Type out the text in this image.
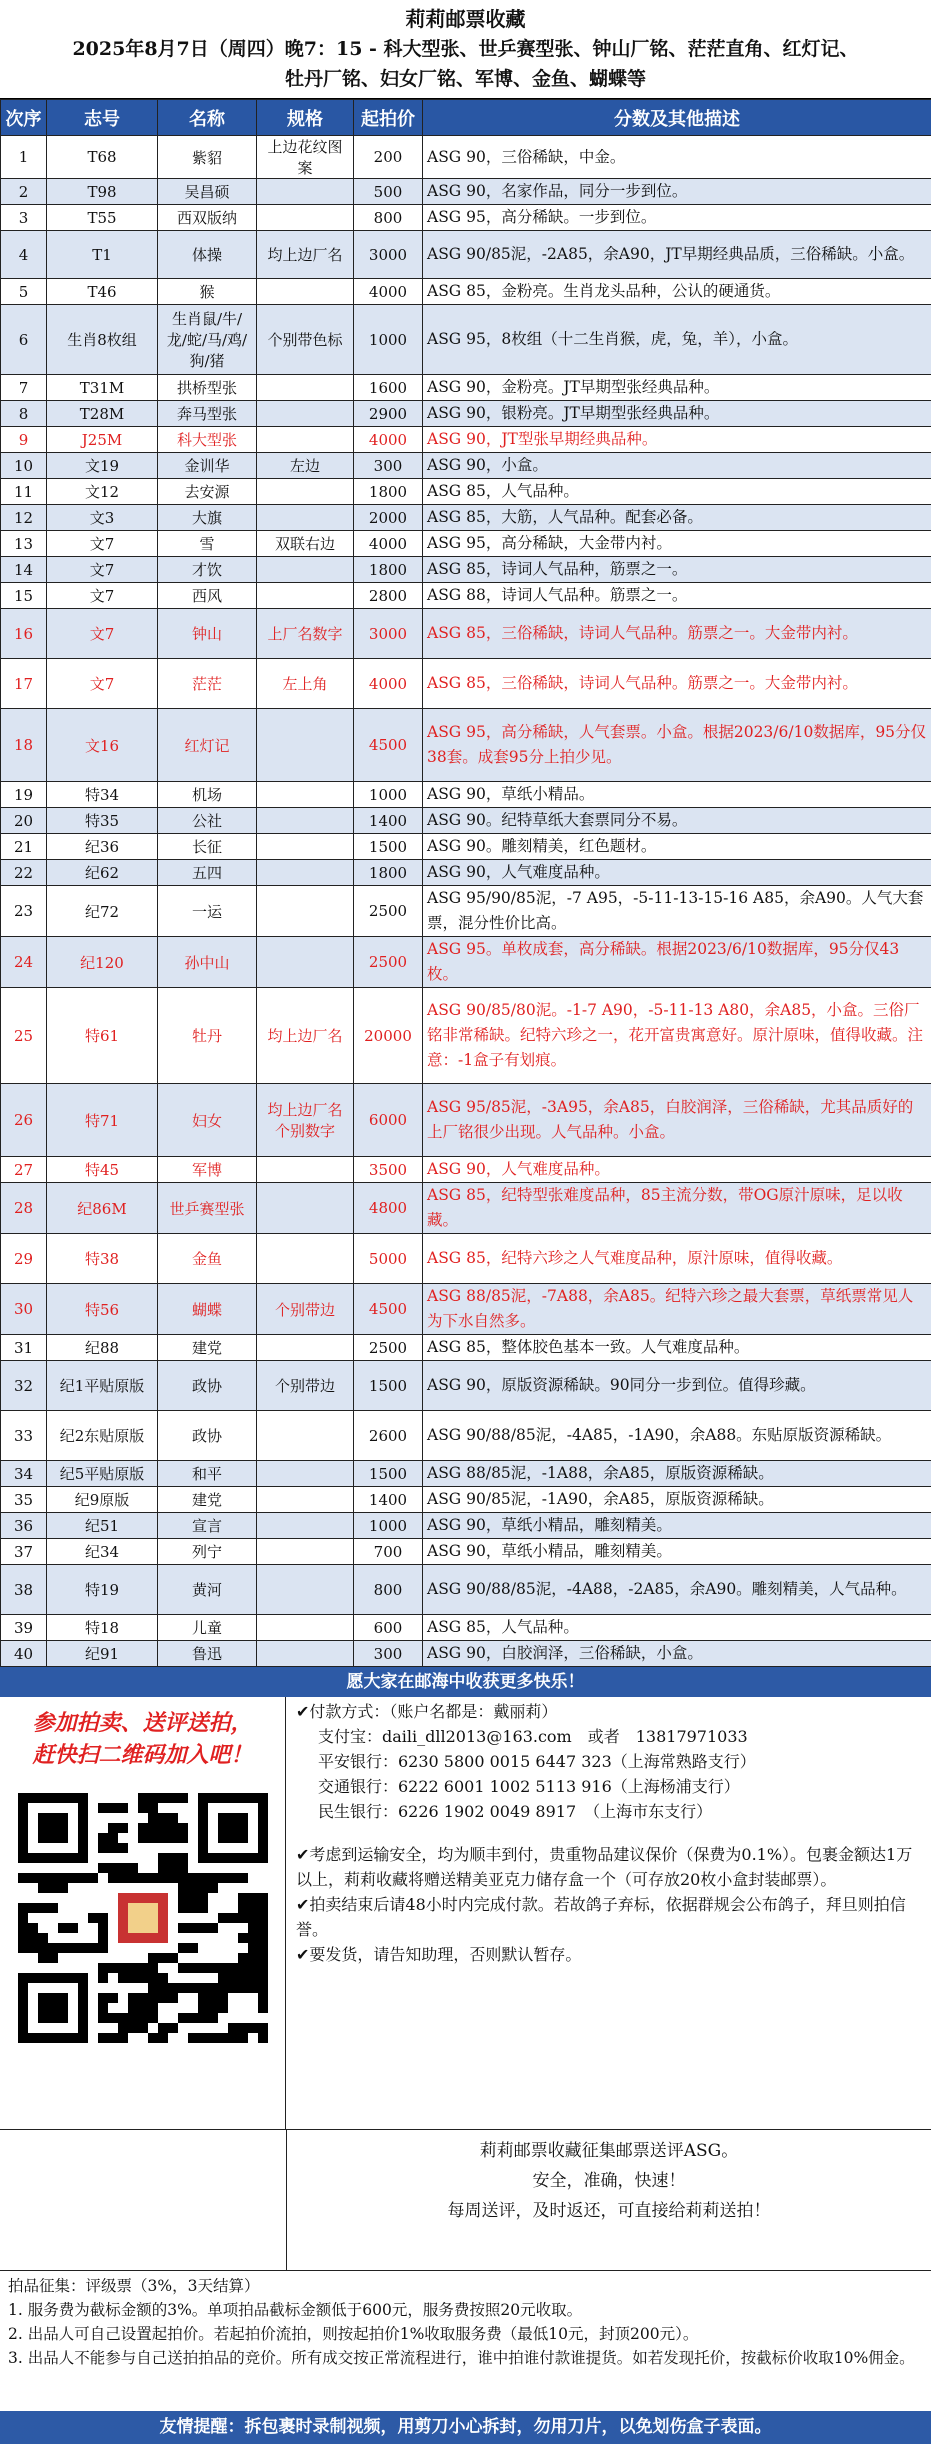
莉莉邮票收藏
2025年8月7日（周四）晚7：15 - 科大型张、世乒赛型张、钟山厂铭、茫茫直角、红灯记、
牡丹厂铭、妇女厂铭、军博、金鱼、蝴蝶等
次序	志号	名称	规格	起拍价	分数及其他描述
1	T68	紫貂	上边花纹图案	200	ASG 90，三俗稀缺，中金。
2	T98	吴昌硕		500	ASG 90，名家作品，同分一步到位。
3	T55	西双版纳		800	ASG 95，高分稀缺。一步到位。
4	T1	体操	均上边厂名	3000	ASG 90/85泥，-2A85，余A90，JT早期经典品质，三俗稀缺。小盒。
5	T46	猴		4000	ASG 85，金粉亮。生肖龙头品种，公认的硬通货。
6	生肖8枚组	生肖鼠/牛/龙/蛇/马/鸡/狗/猪	个别带色标	1000	ASG 95，8枚组（十二生肖猴，虎，兔，羊），小盒。
7	T31M	拱桥型张		1600	ASG 90，金粉亮。JT早期型张经典品种。
8	T28M	奔马型张		2900	ASG 90，银粉亮。JT早期型张经典品种。
9	J25M	科大型张		4000	ASG 90，JT型张早期经典品种。
10	文19	金训华	左边	300	ASG 90，小盒。
11	文12	去安源		1800	ASG 85，人气品种。
12	文3	大旗		2000	ASG 85，大筋，人气品种。配套必备。
13	文7	雪	双联右边	4000	ASG 95，高分稀缺，大金带内衬。
14	文7	才饮		1800	ASG 85，诗词人气品种，筋票之一。
15	文7	西风		2800	ASG 88，诗词人气品种。筋票之一。
16	文7	钟山	上厂名数字	3000	ASG 85，三俗稀缺，诗词人气品种。筋票之一。大金带内衬。
17	文7	茫茫	左上角	4000	ASG 85，三俗稀缺，诗词人气品种。筋票之一。大金带内衬。
18	文16	红灯记		4500	ASG 95，高分稀缺，人气套票。小盒。根据2023/6/10数据库，95分仅38套。成套95分上拍少见。
19	特34	机场		1000	ASG 90，草纸小精品。
20	特35	公社		1400	ASG 90。纪特草纸大套票同分不易。
21	纪36	长征		1500	ASG 90。雕刻精美，红色题材。
22	纪62	五四		1800	ASG 90，人气难度品种。
23	纪72	一运		2500	ASG 95/90/85泥，-7 A95，-5-11-13-15-16 A85，余A90。人气大套票，混分性价比高。
24	纪120	孙中山		2500	ASG 95。单枚成套，高分稀缺。根据2023/6/10数据库，95分仅43枚。
25	特61	牡丹	均上边厂名	20000	ASG 90/85/80泥。-1-7 A90，-5-11-13 A80，余A85，小盒。三俗厂铭非常稀缺。纪特六珍之一，花开富贵寓意好。原汁原味，值得收藏。注意：-1盒子有划痕。
26	特71	妇女	均上边厂名个别数字	6000	ASG 95/85泥，-3A95，余A85，白胶润泽，三俗稀缺，尤其品质好的上厂铭很少出现。人气品种。小盒。
27	特45	军博		3500	ASG 90，人气难度品种。
28	纪86M	世乒赛型张		4800	ASG 85，纪特型张难度品种，85主流分数，带OG原汁原味，足以收藏。
29	特38	金鱼		5000	ASG 85，纪特六珍之人气难度品种，原汁原味，值得收藏。
30	特56	蝴蝶	个别带边	4500	ASG 88/85泥，-7A88，余A85。纪特六珍之最大套票，草纸票常见人为下水自然多。
31	纪88	建党		2500	ASG 85，整体胶色基本一致。人气难度品种。
32	纪1平贴原版	政协	个别带边	1500	ASG 90，原版资源稀缺。90同分一步到位。值得珍藏。
33	纪2东贴原版	政协		2600	ASG 90/88/85泥，-4A85，-1A90，余A88。东贴原版资源稀缺。
34	纪5平贴原版	和平		1500	ASG 88/85泥，-1A88，余A85，原版资源稀缺。
35	纪9原版	建党		1400	ASG 90/85泥，-1A90，余A85，原版资源稀缺。
36	纪51	宣言		1000	ASG 90，草纸小精品，雕刻精美。
37	纪34	列宁		700	ASG 90，草纸小精品，雕刻精美。
38	特19	黄河		800	ASG 90/88/85泥，-4A88，-2A85，余A90。雕刻精美，人气品种。
39	特18	儿童		600	ASG 85，人气品种。
40	纪91	鲁迅		300	ASG 90，白胶润泽，三俗稀缺，小盒。
愿大家在邮海中收获更多快乐！
参加拍卖、送评送拍，
赶快扫二维码加入吧！

✔付款方式：（账户名都是：戴丽莉）

支付宝：daili_dll2013@163.com　或者　13817971033

平安银行：6230 5800 0015 6447 323（上海常熟路支行）

交通银行：6222 6001 1002 5113 916（上海杨浦支行）

民生银行：6226 1902 0049 8917　（上海市东支行）

✔考虑到运输安全，均为顺丰到付，贵重物品建议保价（保费为0.1%）。包裹金额达1万以上，莉莉收藏将赠送精美亚克力储存盒一个（可存放20枚小盒封装邮票）。

✔拍卖结束后请48小时内完成付款。若故鸽子弃标，依据群规会公布鸽子，拜旦则拍信誉。

✔要发货，请告知助理，否则默认暂存。

莉莉邮票收藏征集邮票送评ASG。
安全，准确，快速！
每周送评，及时返还，可直接给莉莉送拍！

拍品征集：评级票（3%，3天结算）

1. 服务费为截标金额的3%。单项拍品截标金额低于600元，服务费按照20元收取。

2. 出品人可自己设置起拍价。若起拍价流拍，则按起拍价1%收取服务费（最低10元，封顶200元）。

3. 出品人不能参与自己送拍拍品的竞价。所有成交按正常流程进行，谁中拍谁付款谁提货。如若发现托价，按截标价收取10%佣金。

友情提醒：拆包裹时录制视频，用剪刀小心拆封，勿用刀片，以免划伤盒子表面。
